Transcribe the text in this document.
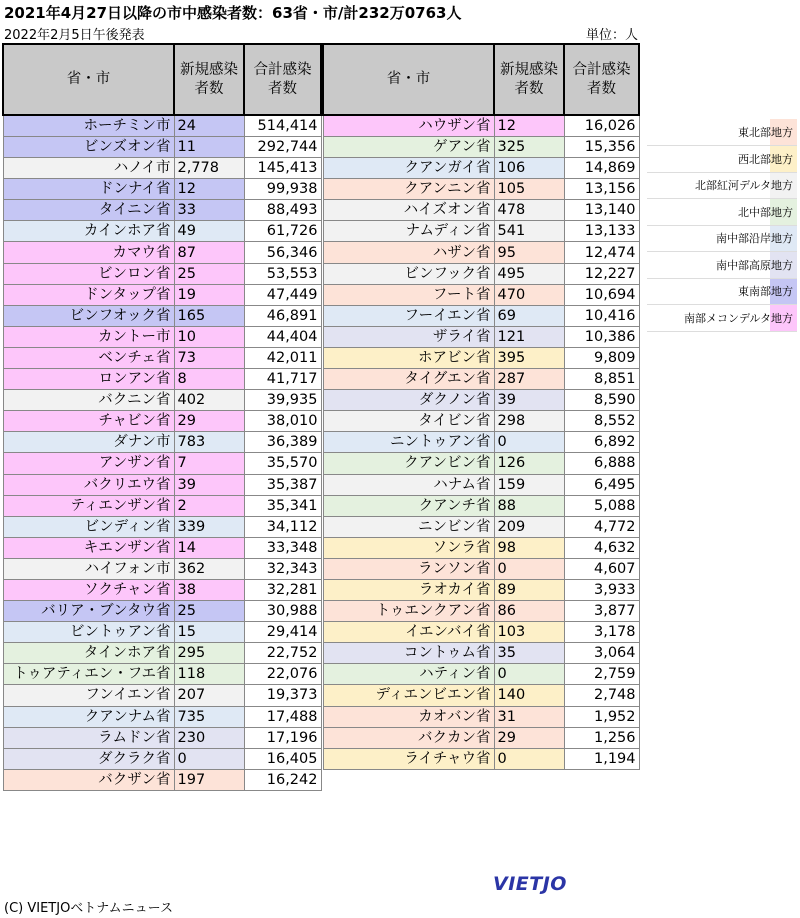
2021年4月27日以降の市中感染者数：63省・市/計232万0763人
2022年2月5日午後発表	単位：人
省・市	新規感染者数	合計感染者数
ホーチミン市	24	514,414
ビンズオン省	11	292,744
ハノイ市	2,778	145,413
ドンナイ省	12	99,938
タイニン省	33	88,493
カインホア省	49	61,726
カマウ省	87	56,346
ビンロン省	25	53,553
ドンタップ省	19	47,449
ビンフオック省	165	46,891
カントー市	10	44,404
ベンチェ省	73	42,011
ロンアン省	8	41,717
バクニン省	402	39,935
チャビン省	29	38,010
ダナン市	783	36,389
アンザン省	7	35,570
バクリエウ省	39	35,387
ティエンザン省	2	35,341
ビンディン省	339	34,112
キエンザン省	14	33,348
ハイフォン市	362	32,343
ソクチャン省	38	32,281
バリア・ブンタウ省	25	30,988
ビントゥアン省	15	29,414
タインホア省	295	22,752
トゥアティエン・フエ省	118	22,076
フンイエン省	207	19,373
クアンナム省	735	17,488
ラムドン省	230	17,196
ダクラク省	0	16,405
バクザン省	197	16,242
省・市	新規感染者数	合計感染者数
ハウザン省	12	16,026
ゲアン省	325	15,356
クアンガイ省	106	14,869
クアンニン省	105	13,156
ハイズオン省	478	13,140
ナムディン省	541	13,133
ハザン省	95	12,474
ビンフック省	495	12,227
フート省	470	10,694
フーイエン省	69	10,416
ザライ省	121	10,386
ホアビン省	395	9,809
タイグエン省	287	8,851
ダクノン省	39	8,590
タイビン省	298	8,552
ニントゥアン省	0	6,892
クアンビン省	126	6,888
ハナム省	159	6,495
クアンチ省	88	5,088
ニンビン省	209	4,772
ソンラ省	98	4,632
ランソン省	0	4,607
ラオカイ省	89	3,933
トゥエンクアン省	86	3,877
イエンバイ省	103	3,178
コントゥム省	35	3,064
ハティン省	0	2,759
ディエンビエン省	140	2,748
カオバン省	31	1,952
バクカン省	29	1,256
ライチャウ省	0	1,194
東北部地方
西北部地方
北部紅河デルタ地方
北中部地方
南中部沿岸地方
南中部高原地方
東南部地方
南部メコンデルタ地方
VIETJO
(C) VIETJOベトナムニュース
